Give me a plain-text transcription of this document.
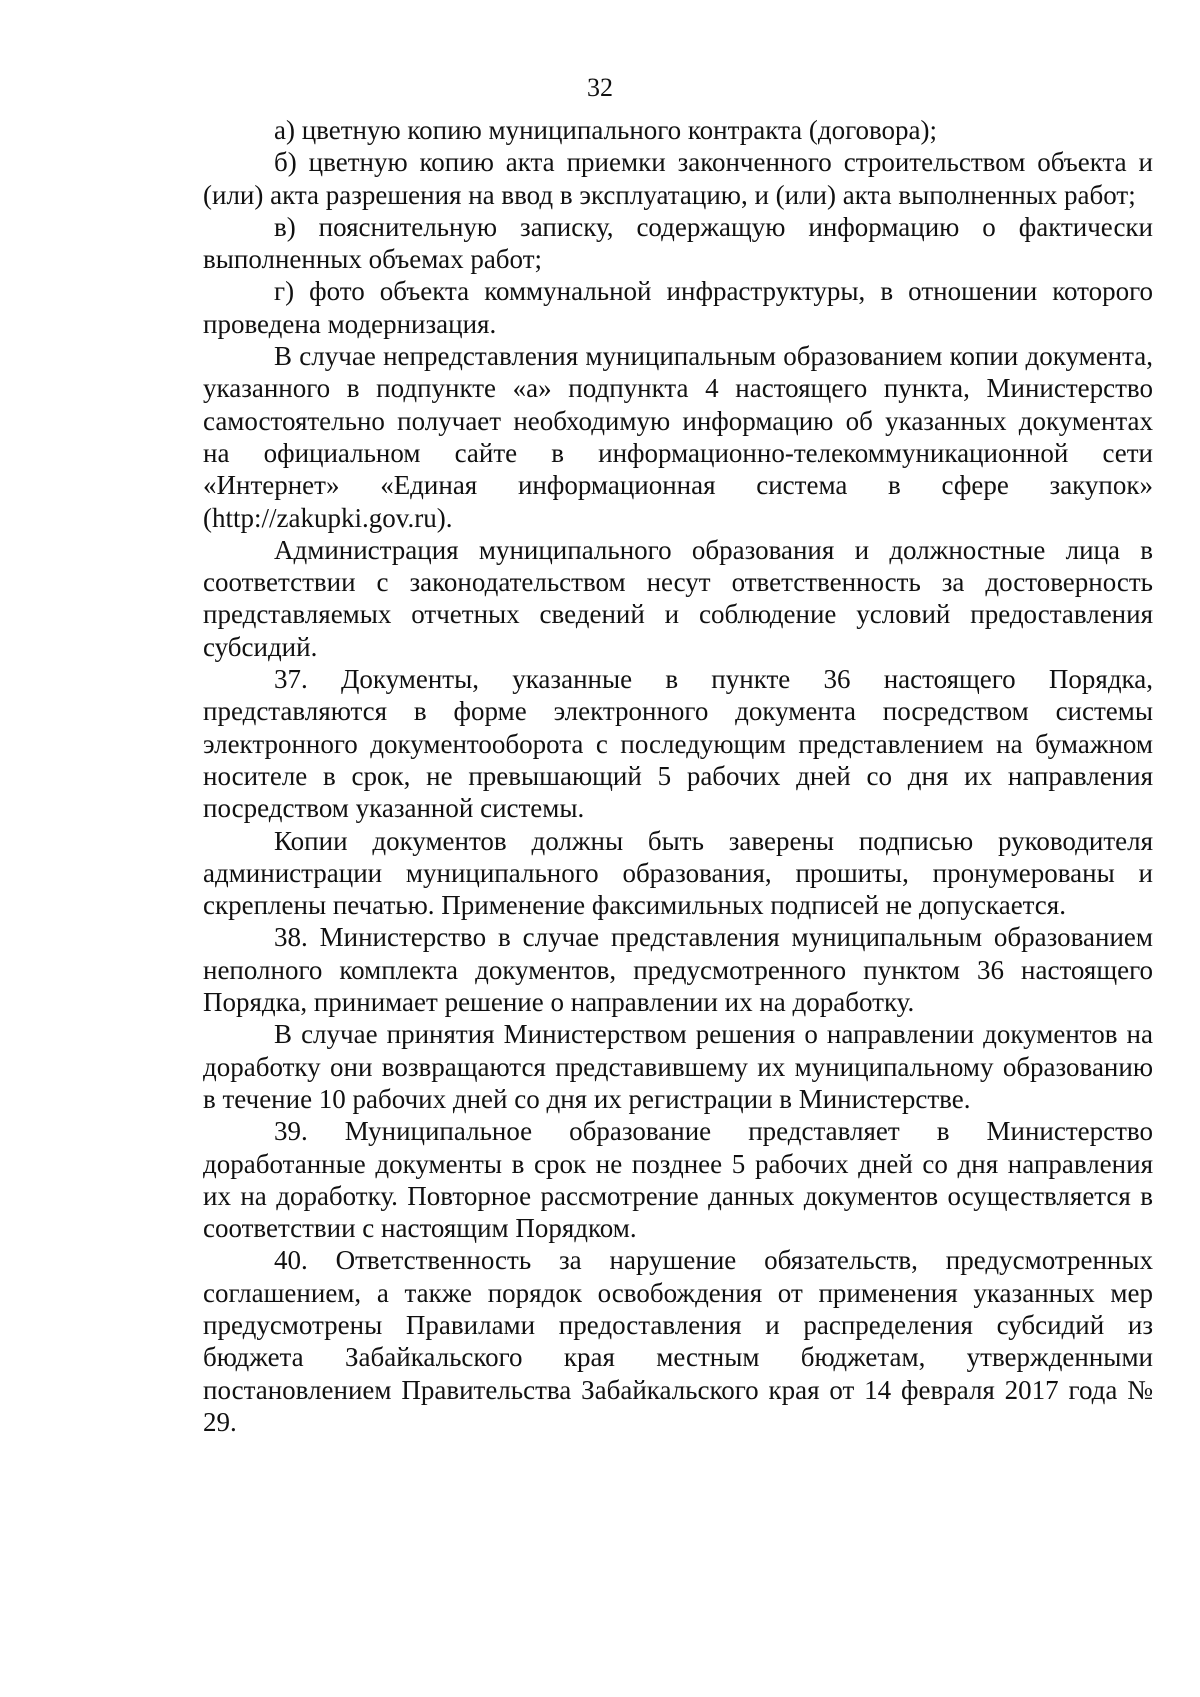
32

а) цветную копию муниципального контракта (договора);

б) цветную копию акта приемки законченного строительством объекта и (или) акта разрешения на ввод в эксплуатацию, и (или) акта выполненных работ;

в) пояснительную записку, содержащую информацию о фактически выполненных объемах работ;

г) фото объекта коммунальной инфраструктуры, в отношении которого проведена модернизация.

В случае непредставления муниципальным образованием копии документа, указанного в подпункте «а» подпункта 4 настоящего пункта, Министерство самостоятельно получает необходимую информацию об указанных документах на официальном сайте в информационно-телекоммуникационной сети «Интернет» «Единая информационная система в сфере закупок» (http://zakupki.gov.ru).

Администрация муниципального образования и должностные лица в соответствии с законодательством несут ответственность за достоверность представляемых отчетных сведений и соблюдение условий предоставления субсидий.

37. Документы, указанные в пункте 36 настоящего Порядка, представляются в форме электронного документа посредством системы электронного документооборота с последующим представлением на бумажном носителе в срок, не превышающий 5 рабочих дней со дня их направления посредством указанной системы.

Копии документов должны быть заверены подписью руководителя администрации муниципального образования, прошиты, пронумерованы и скреплены печатью. Применение факсимильных подписей не допускается.

38. Министерство в случае представления муниципальным образованием неполного комплекта документов, предусмотренного пунктом 36 настоящего Порядка, принимает решение о направлении их на доработку.

В случае принятия Министерством решения о направлении документов на доработку они возвращаются представившему их муниципальному образованию в течение 10 рабочих дней со дня их регистрации в Министерстве.

39. Муниципальное образование представляет в Министерство доработанные документы в срок не позднее 5 рабочих дней со дня направления их на доработку. Повторное рассмотрение данных документов осуществляется в соответствии с настоящим Порядком.

40. Ответственность за нарушение обязательств, предусмотренных соглашением, а также порядок освобождения от применения указанных мер предусмотрены Правилами предоставления и распределения субсидий из бюджета Забайкальского края местным бюджетам, утвержденными постановлением Правительства Забайкальского края от 14 февраля 2017 года № 29.
